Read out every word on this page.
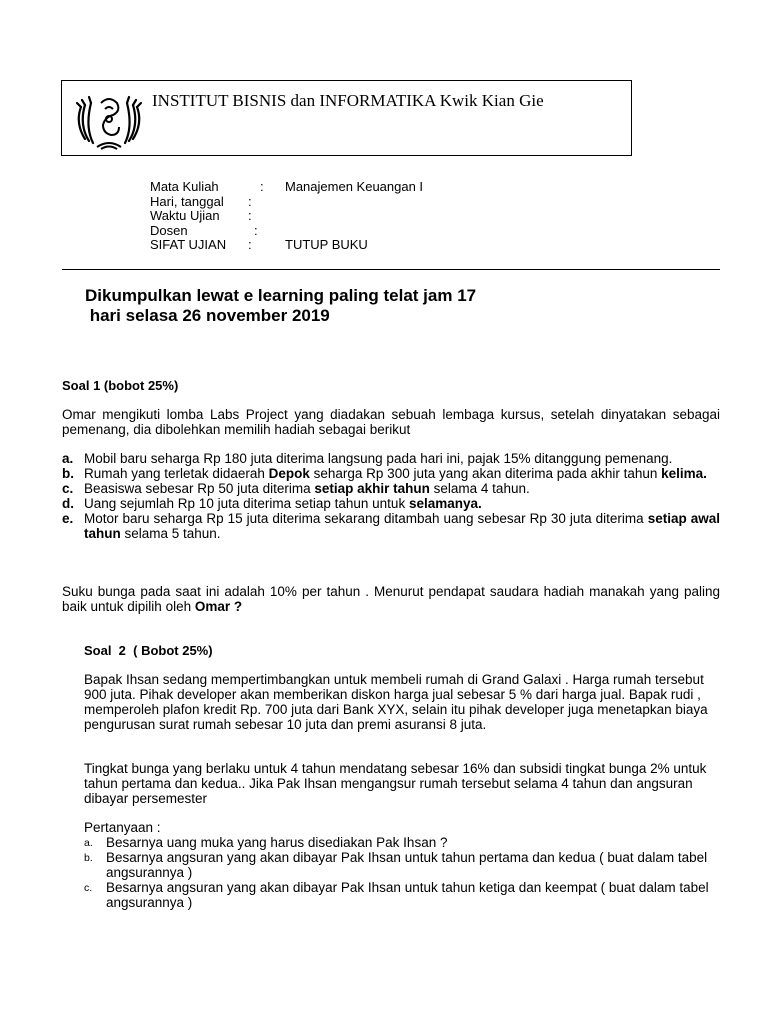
INSTITUT BISNIS dan INFORMATIKA Kwik Kian Gie
Mata Kuliah	: Manajemen Keuangan I
Hari, tanggal :
Waktu Ujian :
Dosen	:
SIFAT UJIAN :	TUTUP BUKU
Dikumpulkan lewat e learning paling telat jam 17
hari selasa 26 november 2019
Soal 1 (bobot 25%)
Omar mengikuti lomba Labs Project yang diadakan sebuah lembaga kursus, setelah dinyatakan sebagai pemenang, dia dibolehkan memilih hadiah sebagai berikut
a. Mobil baru seharga Rp 180 juta diterima langsung pada hari ini, pajak 15% ditanggung pemenang.
b. Rumah yang terletak didaerah Depok seharga Rp 300 juta yang akan diterima pada akhir tahun kelima.
c. Beasiswa sebesar Rp 50 juta diterima setiap akhir tahun selama 4 tahun.
d. Uang sejumlah Rp 10 juta diterima setiap tahun untuk selamanya.
e. Motor baru seharga Rp 15 juta diterima sekarang ditambah uang sebesar Rp 30 juta diterima setiap awal tahun selama 5 tahun.
Suku bunga pada saat ini adalah 10% per tahun . Menurut pendapat saudara hadiah manakah yang paling baik untuk dipilih oleh Omar ?
Soal  2  ( Bobot 25%)
Bapak Ihsan sedang mempertimbangkan untuk membeli rumah di Grand Galaxi . Harga rumah tersebut 900 juta. Pihak developer akan memberikan diskon harga jual sebesar 5 % dari harga jual. Bapak rudi , memperoleh plafon kredit Rp. 700 juta dari Bank XYX, selain itu pihak developer juga menetapkan biaya pengurusan surat rumah sebesar 10 juta dan premi asuransi 8 juta.
Tingkat bunga yang berlaku untuk 4 tahun mendatang sebesar 16% dan subsidi tingkat bunga 2% untuk tahun pertama dan kedua.. Jika Pak Ihsan mengangsur rumah tersebut selama 4 tahun dan angsuran dibayar persemester
Pertanyaan :
a. Besarnya uang muka yang harus disediakan Pak Ihsan ?
b. Besarnya angsuran yang akan dibayar Pak Ihsan untuk tahun pertama dan kedua ( buat dalam tabel angsurannya )
c. Besarnya angsuran yang akan dibayar Pak Ihsan untuk tahun ketiga dan keempat ( buat dalam tabel angsurannya )
